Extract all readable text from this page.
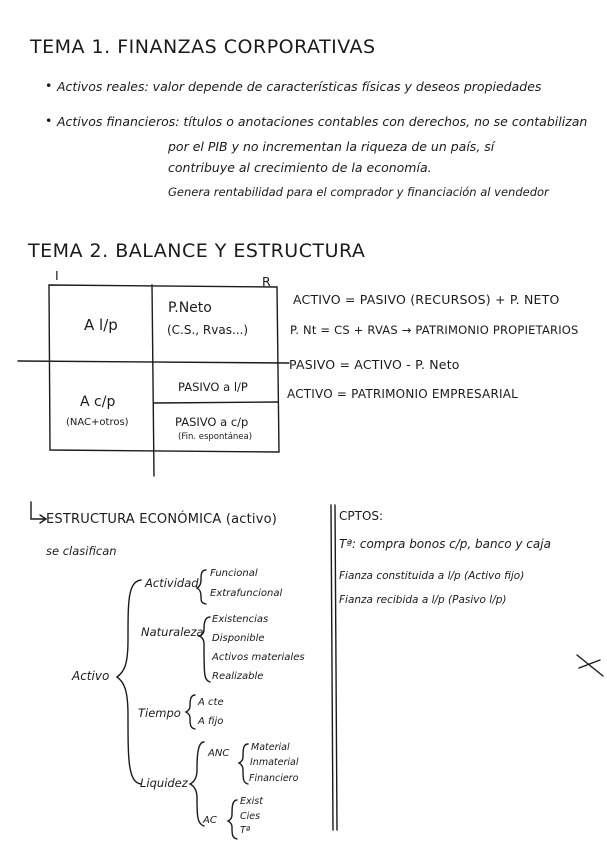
TEMA 1. FINANZAS CORPORATIVAS
• Activos reales: valor depende de características físicas y deseos propiedades
• Activos financieros: títulos o anotaciones contables con derechos, no se contabilizan
por el PIB y no incrementan la riqueza de un país, sí
contribuye al crecimiento de la economía.
Genera rentabilidad para el comprador y financiación al vendedor
TEMA 2. BALANCE Y ESTRUCTURA
I	R
A l/p
P.Neto
(C.S., Rvas...)
A c/p
(NAC+otros)
PASIVO a l/P
PASIVO a c/p
(Fin. espontánea)
ACTIVO = PASIVO (RECURSOS) + P. NETO
P. Nt = CS + RVAS → PATRIMONIO PROPIETARIOS
PASIVO = ACTIVO - P. Neto
ACTIVO = PATRIMONIO EMPRESARIAL
ESTRUCTURA ECONÓMICA (activo)
se clasifican
Activo
Actividad
Funcional
Extrafuncional
Naturaleza
Existencias
Disponible
Activos materiales
Realizable
Tiempo
A cte
A fijo
Liquidez
ANC
Material
Inmaterial
Financiero
AC
Exist
Cies
Tª
CPTOS:
Tª: compra bonos c/p, banco y caja
Fianza constituida a l/p (Activo fijo)
Fianza recibida a l/p (Pasivo l/p)
